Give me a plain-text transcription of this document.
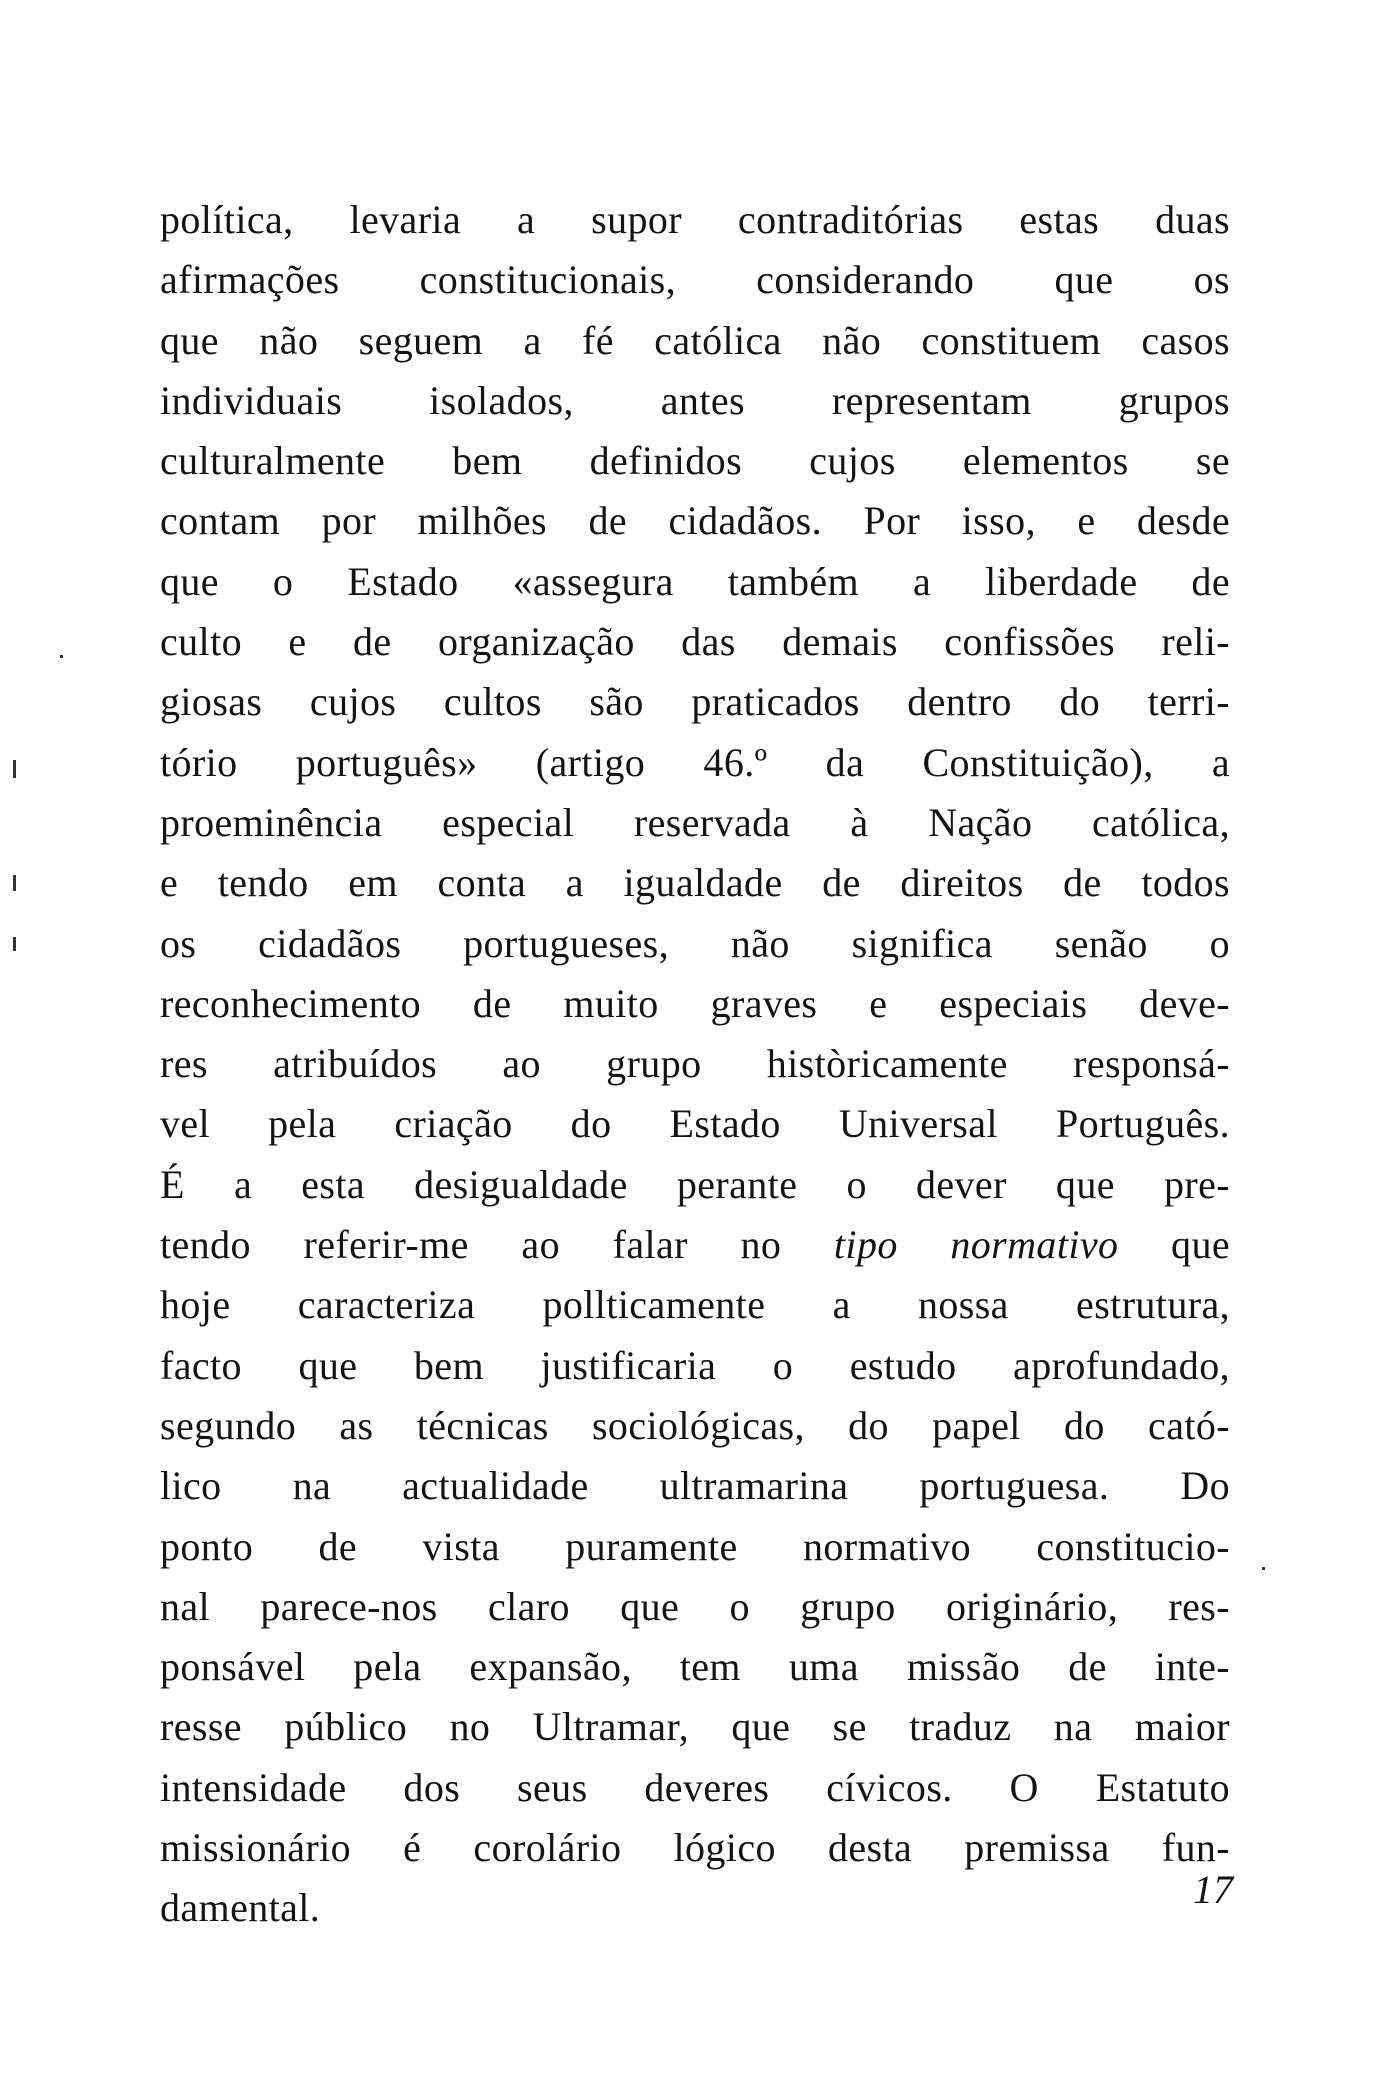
política, levaria a supor contraditórias estas duas
afirmações constitucionais, considerando que os
que não seguem a fé católica não constituem casos
individuais isolados, antes representam grupos
culturalmente bem definidos cujos elementos se
contam por milhões de cidadãos. Por isso, e desde
que o Estado «assegura também a liberdade de
culto e de organização das demais confissões reli-
giosas cujos cultos são praticados dentro do terri-
tório português» (artigo 46.º da Constituição), a
proeminência especial reservada à Nação católica,
e tendo em conta a igualdade de direitos de todos
os cidadãos portugueses, não significa senão o
reconhecimento de muito graves e especiais deve-
res atribuídos ao grupo històricamente responsá-
vel pela criação do Estado Universal Português.
É a esta desigualdade perante o dever que pre-
tendo referir-me ao falar no tipo normativo que
hoje caracteriza pollticamente a nossa estrutura,
facto que bem justificaria o estudo aprofundado,
segundo as técnicas sociológicas, do papel do cató-
lico na actualidade ultramarina portuguesa. Do
ponto de vista puramente normativo constitucio-
nal parece-nos claro que o grupo originário, res-
ponsável pela expansão, tem uma missão de inte-
resse público no Ultramar, que se traduz na maior
intensidade dos seus deveres cívicos. O Estatuto
missionário é corolário lógico desta premissa fun-
damental.	17
